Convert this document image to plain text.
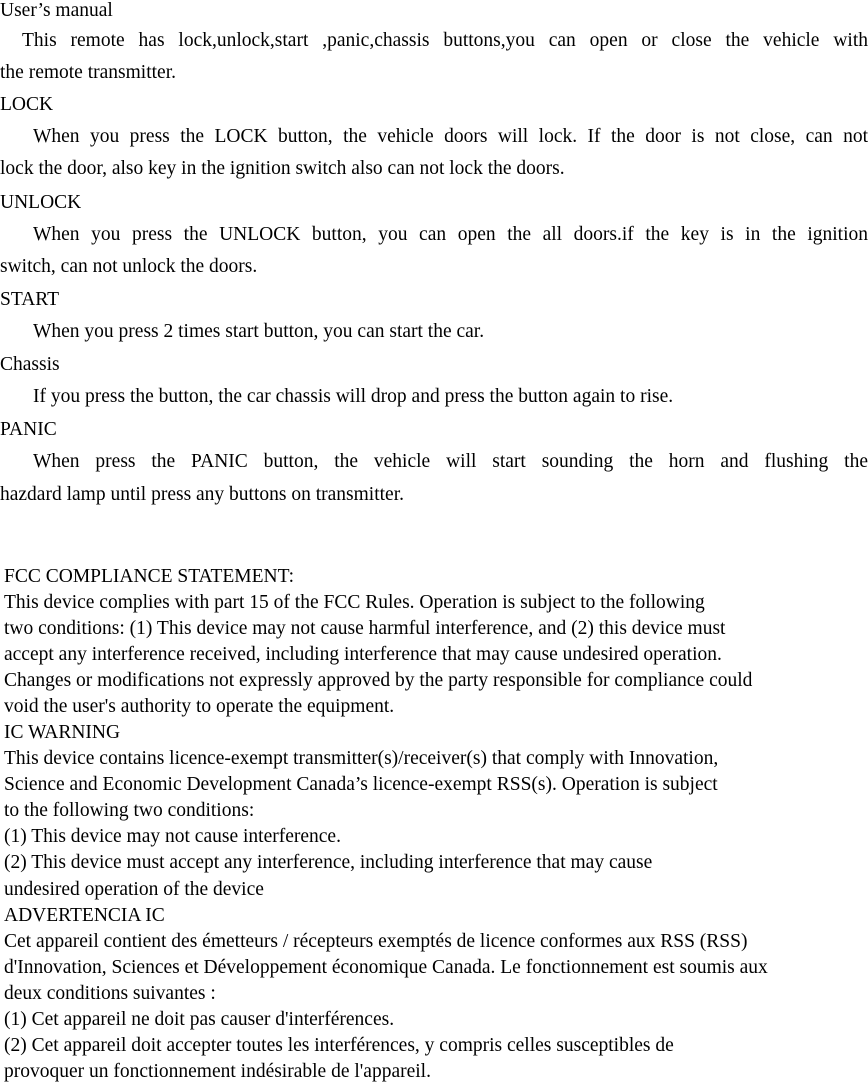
User’s manual
This remote has lock,unlock,start ,panic,chassis buttons,you can open or close the vehicle with
the remote transmitter.
LOCK
When you press the LOCK button, the vehicle doors will lock. If the door is not close, can not
lock the door, also key in the ignition switch also can not lock the doors.
UNLOCK
When you press the UNLOCK button, you can open the all doors.if the key is in the ignition
switch, can not unlock the doors.
START
When you press 2 times start button, you can start the car.
Chassis
If you press the button, the car chassis will drop and press the button again to rise.
PANIC
When press the PANIC button, the vehicle will start sounding the horn and flushing the
hazdard lamp until press any buttons on transmitter.
FCC COMPLIANCE STATEMENT:
This device complies with part 15 of the FCC Rules. Operation is subject to the following
two conditions: (1) This device may not cause harmful interference, and (2) this device must
accept any interference received, including interference that may cause undesired operation.
Changes or modifications not expressly approved by the party responsible for compliance could
void the user's authority to operate the equipment.
IC WARNING
This device contains licence-exempt transmitter(s)/receiver(s) that comply with Innovation,
Science and Economic Development Canada’s licence-exempt RSS(s). Operation is subject
to the following two conditions:
(1) This device may not cause interference.
(2) This device must accept any interference, including interference that may cause
undesired operation of the device
ADVERTENCIA IC
Cet appareil contient des émetteurs / récepteurs exemptés de licence conformes aux RSS (RSS)
d'Innovation, Sciences et Développement économique Canada. Le fonctionnement est soumis aux
deux conditions suivantes :
(1) Cet appareil ne doit pas causer d'interférences.
(2) Cet appareil doit accepter toutes les interférences, y compris celles susceptibles de
provoquer un fonctionnement indésirable de l'appareil.
